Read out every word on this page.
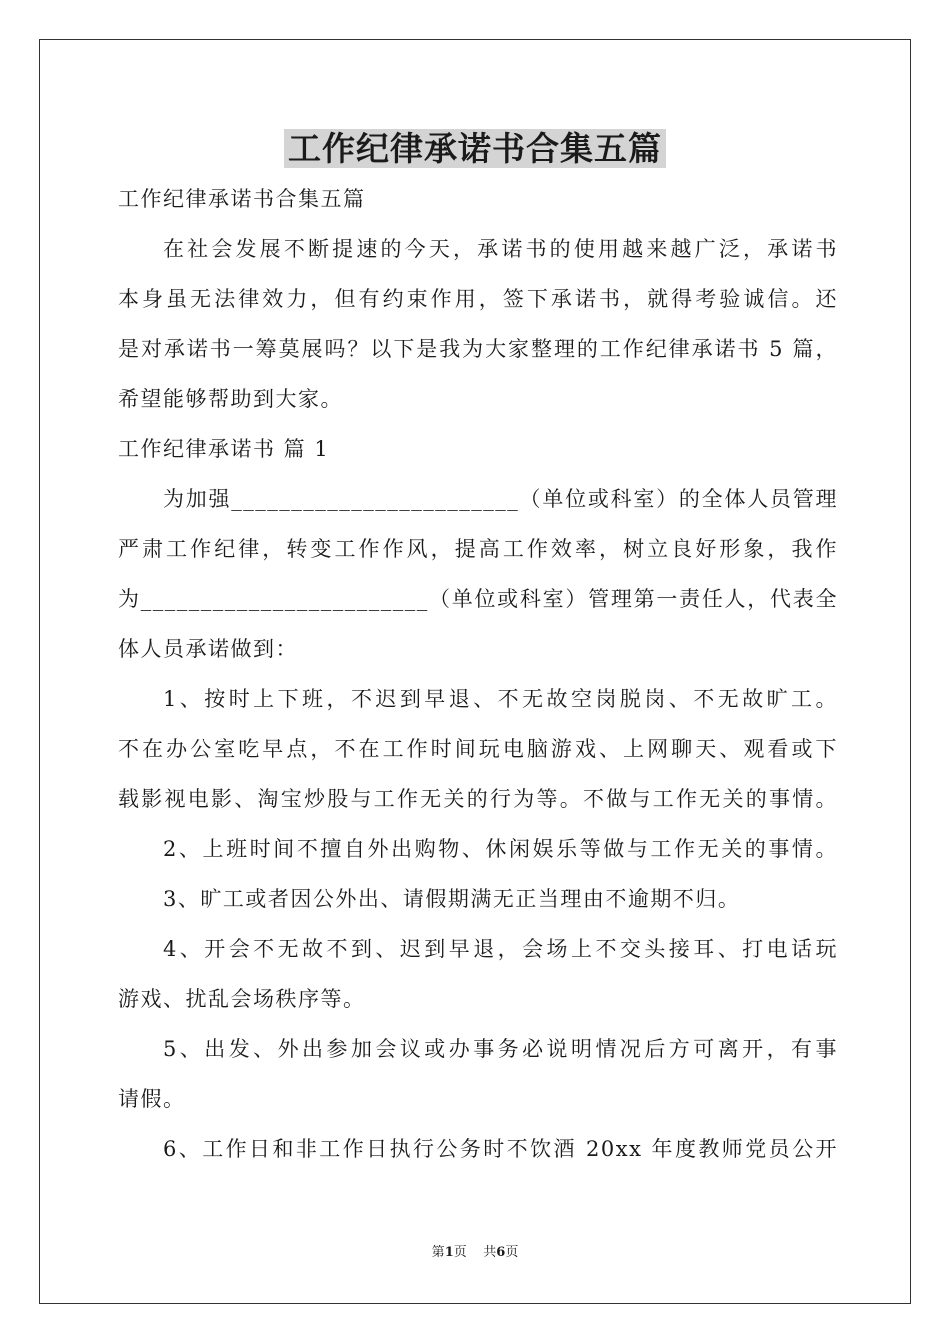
工作纪律承诺书合集五篇
工作纪律承诺书合集五篇
在社会发展不断提速的今天，承诺书的使用越来越广泛，承诺书
本身虽无法律效力，但有约束作用，签下承诺书，就得考验诚信。还
是对承诺书一筹莫展吗？以下是我为大家整理的工作纪律承诺书 5 篇，
希望能够帮助到大家。
工作纪律承诺书 篇 1
为加强________________________（单位或科室）的全体人员管理
严肃工作纪律，转变工作作风，提高工作效率，树立良好形象，我作
为________________________（单位或科室）管理第一责任人，代表全
体人员承诺做到：
1、按时上下班，不迟到早退、不无故空岗脱岗、不无故旷工。
不在办公室吃早点，不在工作时间玩电脑游戏、上网聊天、观看或下
载影视电影、淘宝炒股与工作无关的行为等。不做与工作无关的事情。
2、上班时间不擅自外出购物、休闲娱乐等做与工作无关的事情。
3、旷工或者因公外出、请假期满无正当理由不逾期不归。
4、开会不无故不到、迟到早退，会场上不交头接耳、打电话玩
游戏、扰乱会场秩序等。
5、出发、外出参加会议或办事务必说明情况后方可离开，有事
请假。
6、工作日和非工作日执行公务时不饮酒 20xx 年度教师党员公开
第1页    共6页
